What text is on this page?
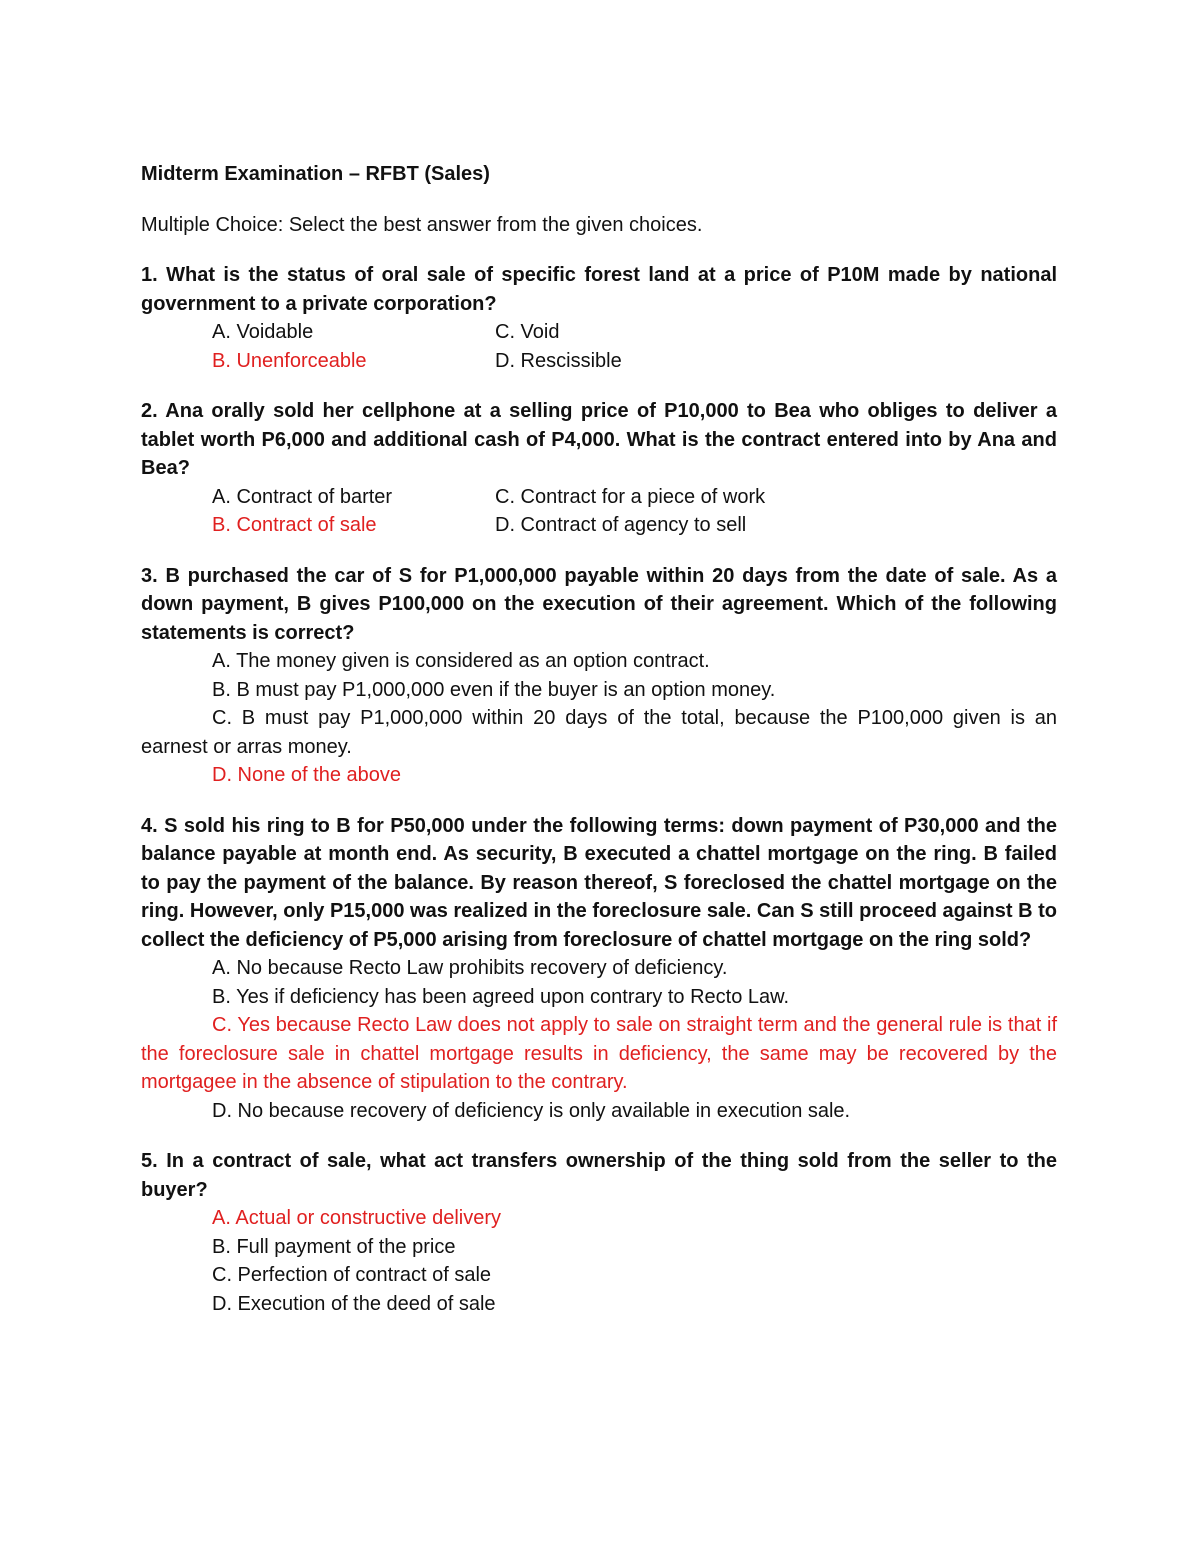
Midterm Examination – RFBT (Sales)

Multiple Choice: Select the best answer from the given choices.

1. What is the status of oral sale of specific forest land at a price of P10M made by national government to a private corporation?

A. Voidable	C. Void

B. Unenforceable	D. Rescissible

2. Ana orally sold her cellphone at a selling price of P10,000 to Bea who obliges to deliver a tablet worth P6,000 and additional cash of P4,000. What is the contract entered into by Ana and Bea?

A. Contract of barter	C. Contract for a piece of work

B. Contract of sale	D. Contract of agency to sell

3. B purchased the car of S for P1,000,000 payable within 20 days from the date of sale. As a down payment, B gives P100,000 on the execution of their agreement. Which of the following statements is correct?

A. The money given is considered as an option contract.

B. B must pay P1,000,000 even if the buyer is an option money.

C. B must pay P1,000,000 within 20 days of the total, because the P100,000 given is an earnest or arras money.

D. None of the above

4. S sold his ring to B for P50,000 under the following terms: down payment of P30,000 and the balance payable at month end. As security, B executed a chattel mortgage on the ring. B failed to pay the payment of the balance. By reason thereof, S foreclosed the chattel mortgage on the ring. However, only P15,000 was realized in the foreclosure sale. Can S still proceed against B to collect the deficiency of P5,000 arising from foreclosure of chattel mortgage on the ring sold?

A. No because Recto Law prohibits recovery of deficiency.

B. Yes if deficiency has been agreed upon contrary to Recto Law.

C. Yes because Recto Law does not apply to sale on straight term and the general rule is that if the foreclosure sale in chattel mortgage results in deficiency, the same may be recovered by the mortgagee in the absence of stipulation to the contrary.

D. No because recovery of deficiency is only available in execution sale.

5. In a contract of sale, what act transfers ownership of the thing sold from the seller to the buyer?

A. Actual or constructive delivery

B. Full payment of the price

C. Perfection of contract of sale

D. Execution of the deed of sale
